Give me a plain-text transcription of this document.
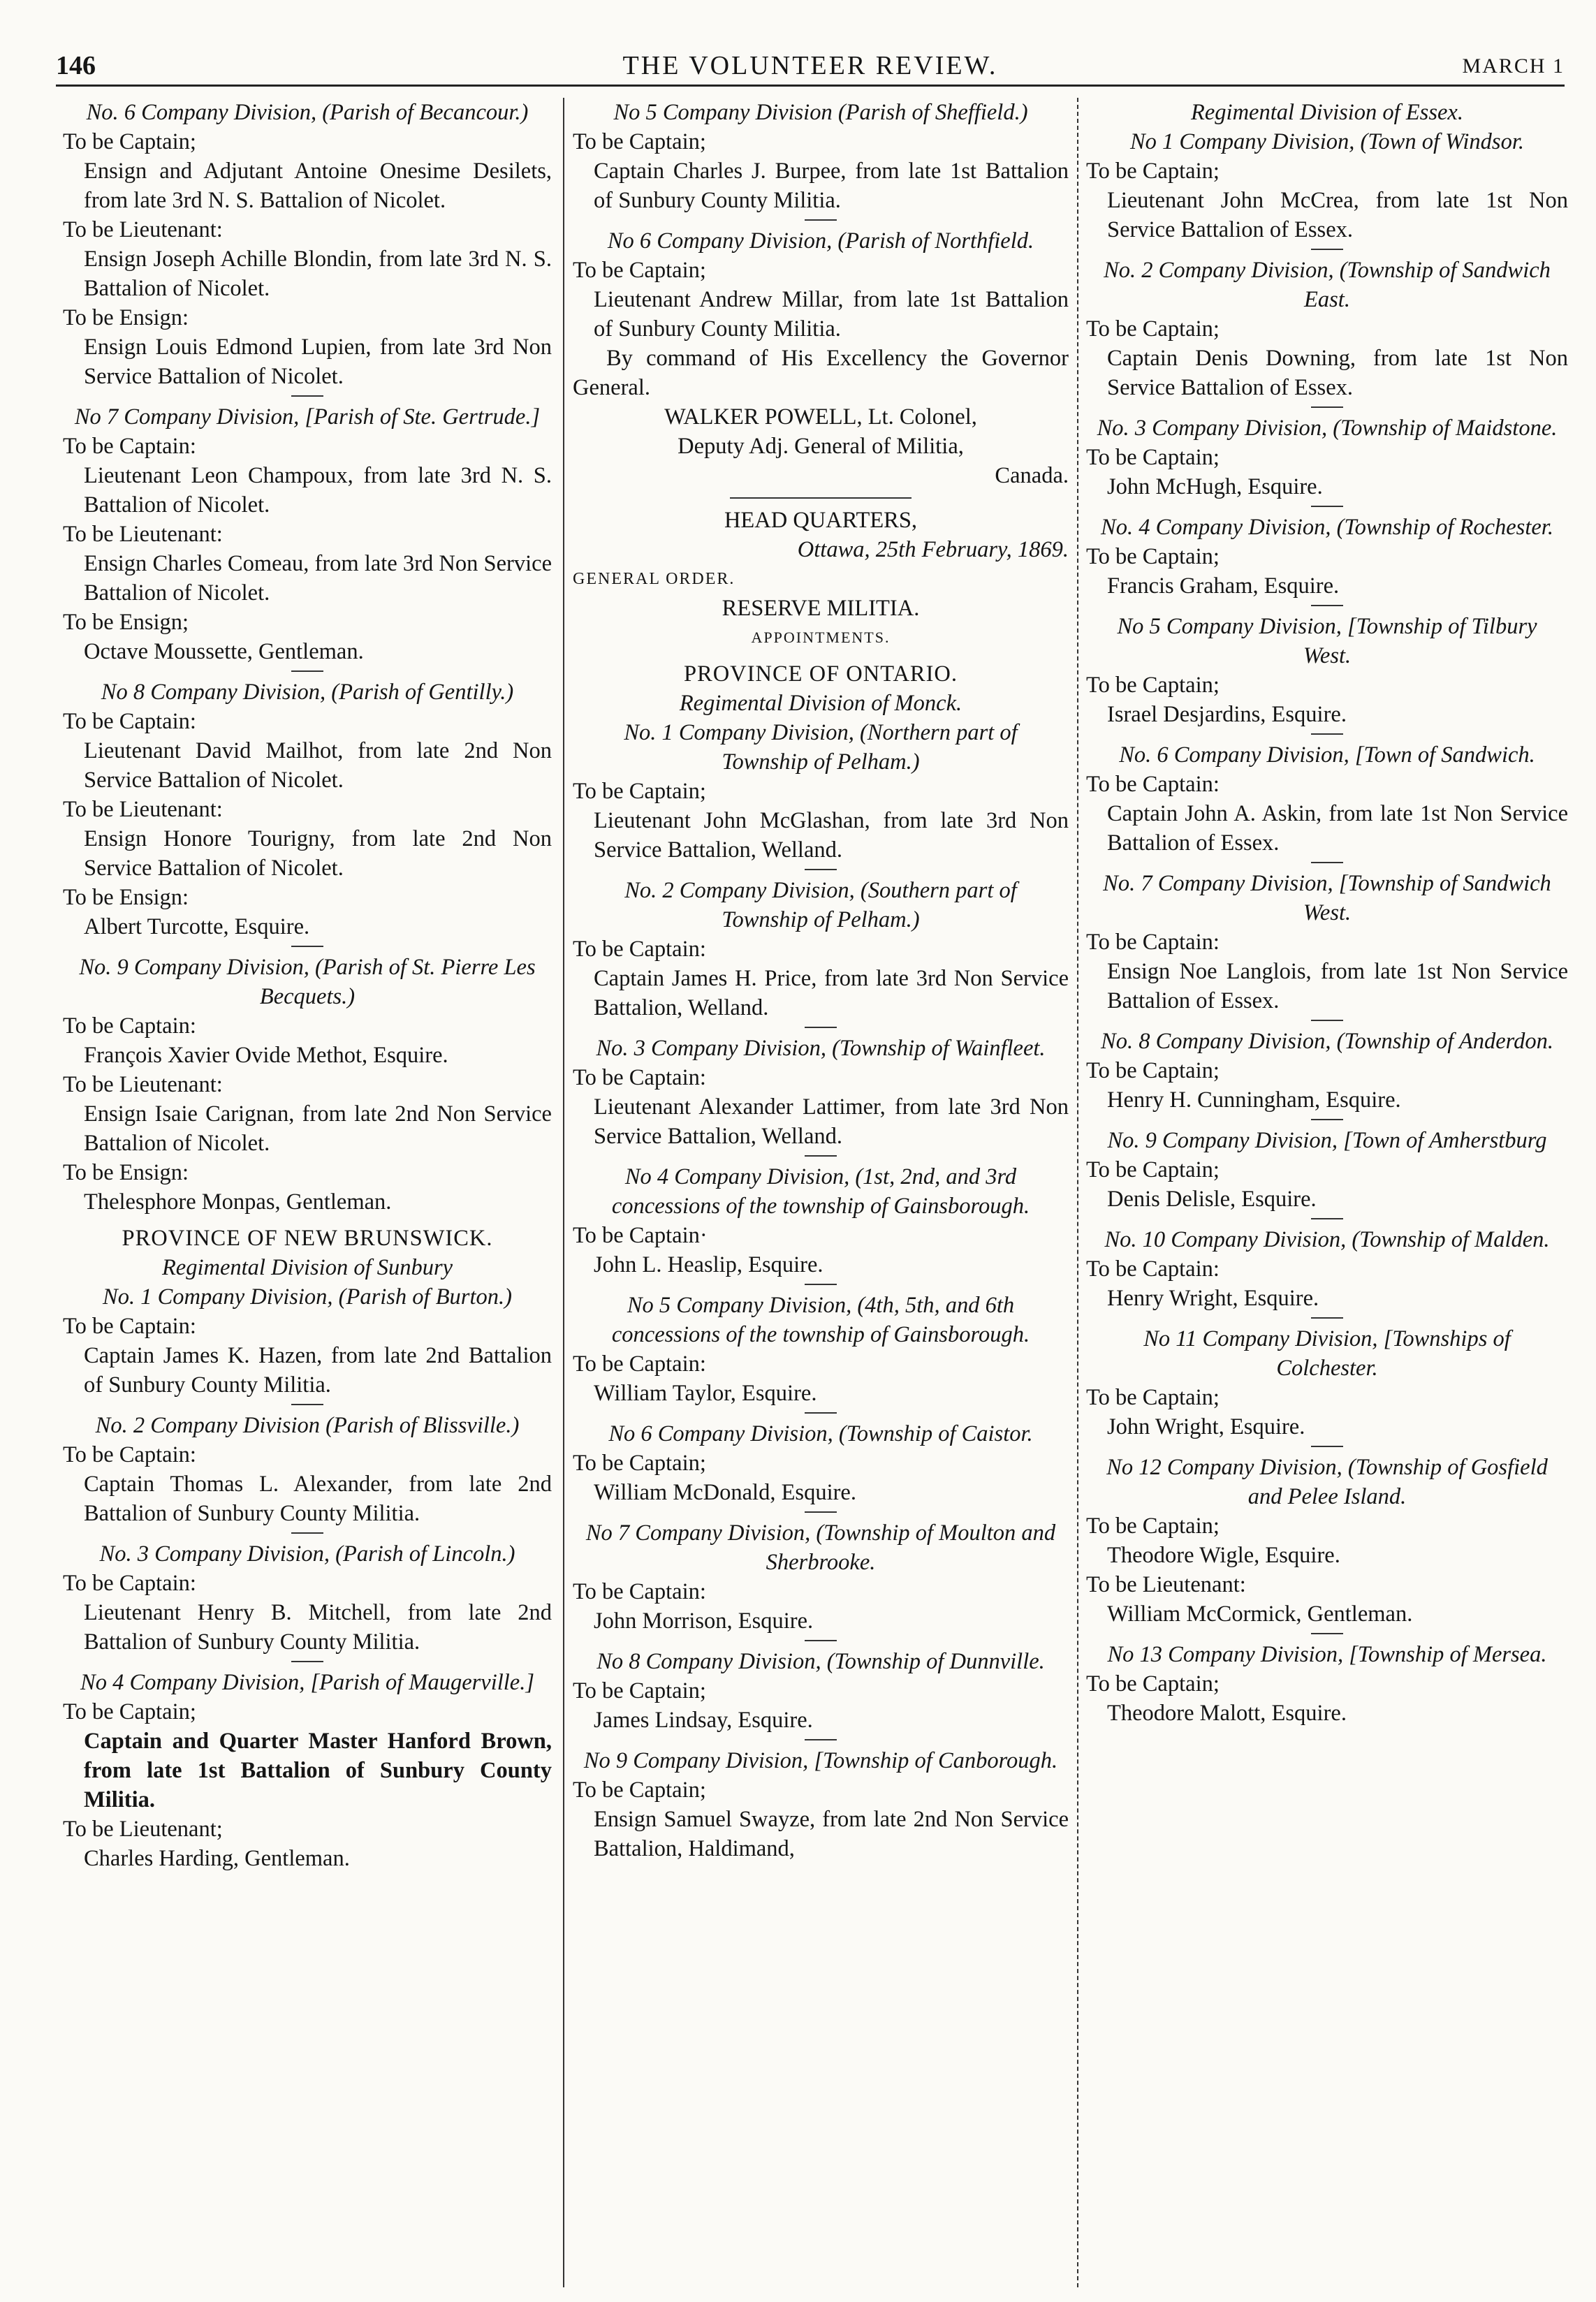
146	THE VOLUNTEER REVIEW.	MARCH 1

No. 6 Company Division, (Parish of Becancour.)

To be Captain;

Ensign and Adjutant Antoine Onesime Desilets, from late 3rd N. S. Battalion of Nicolet.

To be Lieutenant:

Ensign Joseph Achille Blondin, from late 3rd N. S. Battalion of Nicolet.

To be Ensign:

Ensign Louis Edmond Lupien, from late 3rd Non Service Battalion of Nicolet.

No 7 Company Division, [Parish of Ste. Gertrude.]

To be Captain:

Lieutenant Leon Champoux, from late 3rd N. S. Battalion of Nicolet.

To be Lieutenant:

Ensign Charles Comeau, from late 3rd Non Service Battalion of Nicolet.

To be Ensign;

Octave Moussette, Gentleman.

No 8 Company Division, (Parish of Gentilly.)

To be Captain:

Lieutenant David Mailhot, from late 2nd Non Service Battalion of Nicolet.

To be Lieutenant:

Ensign Honore Tourigny, from late 2nd Non Service Battalion of Nicolet.

To be Ensign:

Albert Turcotte, Esquire.

No. 9 Company Division, (Parish of St. Pierre Les Becquets.)

To be Captain:

François Xavier Ovide Methot, Esquire.

To be Lieutenant:

Ensign Isaie Carignan, from late 2nd Non Service Battalion of Nicolet.

To be Ensign:

Thelesphore Monpas, Gentleman.

PROVINCE OF NEW BRUNSWICK.

Regimental Division of Sunbury

No. 1 Company Division, (Parish of Burton.)

To be Captain:

Captain James K. Hazen, from late 2nd Battalion of Sunbury County Militia.

No. 2 Company Division (Parish of Blissville.)

To be Captain:

Captain Thomas L. Alexander, from late 2nd Battalion of Sunbury County Militia.

No. 3 Company Division, (Parish of Lincoln.)

To be Captain:

Lieutenant Henry B. Mitchell, from late 2nd Battalion of Sunbury County Militia.

No 4 Company Division, [Parish of Maugerville.]

To be Captain;

Captain and Quarter Master Hanford Brown, from late 1st Battalion of Sunbury County Militia.

To be Lieutenant;

Charles Harding, Gentleman.

No 5 Company Division (Parish of Sheffield.)

To be Captain;

Captain Charles J. Burpee, from late 1st Battalion of Sunbury County Militia.

No 6 Company Division, (Parish of Northfield.

To be Captain;

Lieutenant Andrew Millar, from late 1st Battalion of Sunbury County Militia.

By command of His Excellency the Governor General.

WALKER POWELL, Lt. Colonel,

Deputy Adj. General of Militia,

Canada.

HEAD QUARTERS,

Ottawa, 25th February, 1869.

GENERAL ORDER.

RESERVE MILITIA.

APPOINTMENTS.

PROVINCE OF ONTARIO.

Regimental Division of Monck.

No. 1 Company Division, (Northern part of Township of Pelham.)

To be Captain;

Lieutenant John McGlashan, from late 3rd Non Service Battalion, Welland.

No. 2 Company Division, (Southern part of Township of Pelham.)

To be Captain:

Captain James H. Price, from late 3rd Non Service Battalion, Welland.

No. 3 Company Division, (Township of Wainfleet.

To be Captain:

Lieutenant Alexander Lattimer, from late 3rd Non Service Battalion, Welland.

No 4 Company Division, (1st, 2nd, and 3rd concessions of the township of Gainsborough.

To be Captain·

John L. Heaslip, Esquire.

No 5 Company Division, (4th, 5th, and 6th concessions of the township of Gainsborough.

To be Captain:

William Taylor, Esquire.

No 6 Company Division, (Township of Caistor.

To be Captain;

William McDonald, Esquire.

No 7 Company Division, (Township of Moulton and Sherbrooke.

To be Captain:

John Morrison, Esquire.

No 8 Company Division, (Township of Dunnville.

To be Captain;

James Lindsay, Esquire.

No 9 Company Division, [Township of Canborough.

To be Captain;

Ensign Samuel Swayze, from late 2nd Non Service Battalion, Haldimand,

Regimental Division of Essex.

No 1 Company Division, (Town of Windsor.

To be Captain;

Lieutenant John McCrea, from late 1st Non Service Battalion of Essex.

No. 2 Company Division, (Township of Sandwich East.

To be Captain;

Captain Denis Downing, from late 1st Non Service Battalion of Essex.

No. 3 Company Division, (Township of Maidstone.

To be Captain;

John McHugh, Esquire.

No. 4 Company Division, (Township of Rochester.

To be Captain;

Francis Graham, Esquire.

No 5 Company Division, [Township of Tilbury West.

To be Captain;

Israel Desjardins, Esquire.

No. 6 Company Division, [Town of Sandwich.

To be Captain:

Captain John A. Askin, from late 1st Non Service Battalion of Essex.

No. 7 Company Division, [Township of Sandwich West.

To be Captain:

Ensign Noe Langlois, from late 1st Non Service Battalion of Essex.

No. 8 Company Division, (Township of Anderdon.

To be Captain;

Henry H. Cunningham, Esquire.

No. 9 Company Division, [Town of Amherstburg

To be Captain;

Denis Delisle, Esquire.

No. 10 Company Division, (Township of Malden.

To be Captain:

Henry Wright, Esquire.

No 11 Company Division, [Townships of Colchester.

To be Captain;

John Wright, Esquire.

No 12 Company Division, (Township of Gosfield and Pelee Island.

To be Captain;

Theodore Wigle, Esquire.

To be Lieutenant:

William McCormick, Gentleman.

No 13 Company Division, [Township of Mersea.

To be Captain;

Theodore Malott, Esquire.
